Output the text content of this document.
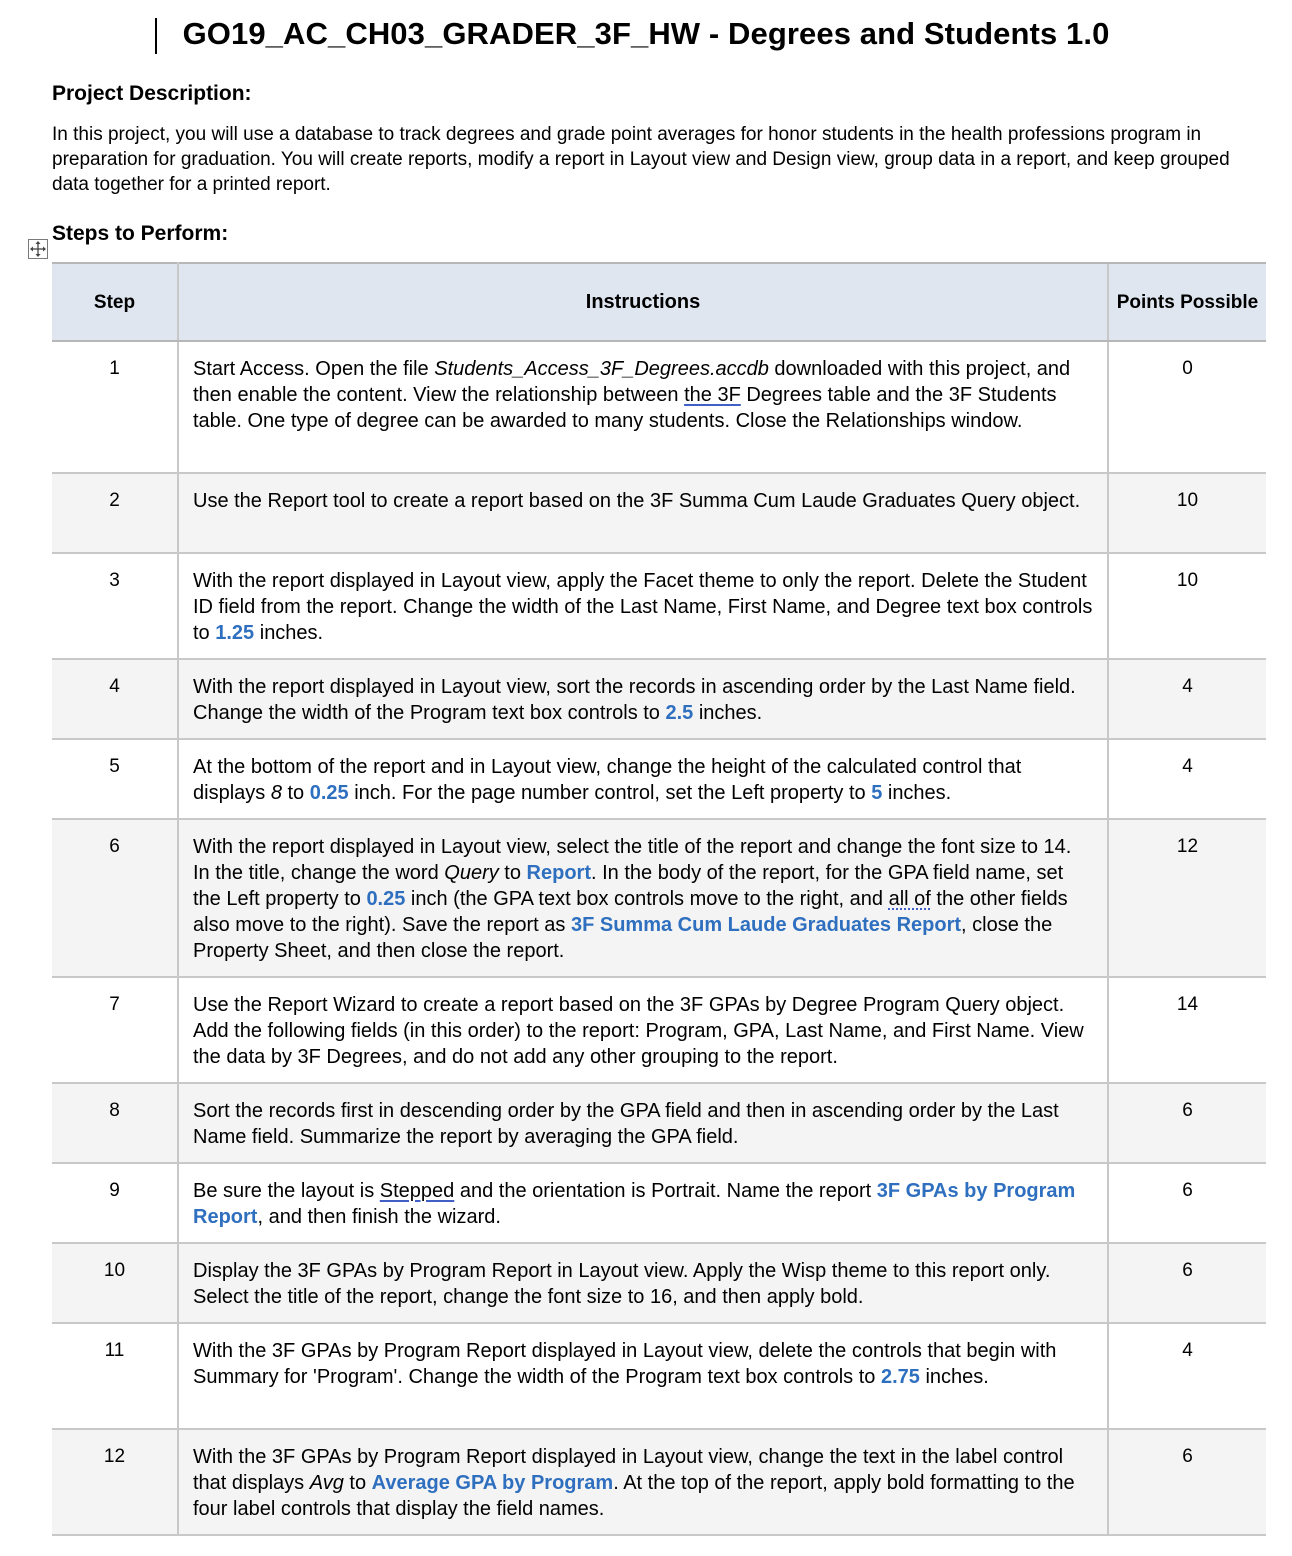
GO19_AC_CH03_GRADER_3F_HW - Degrees and Students 1.0
Project Description:
In this project, you will use a database to track degrees and grade point averages for honor students in the health professions program in preparation for graduation. You will create reports, modify a report in Layout view and Design view, group data in a report, and keep grouped data together for a printed report.
Steps to Perform:
Step	Instructions	Points Possible
1	Start Access. Open the file Students_Access_3F_Degrees.accdb downloaded with this project, and then enable the content. View the relationship between the 3F Degrees table and the 3F Students table. One type of degree can be awarded to many students. Close the Relationships window.	0
2	Use the Report tool to create a report based on the 3F Summa Cum Laude Graduates Query object.	10
3	With the report displayed in Layout view, apply the Facet theme to only the report. Delete the Student ID field from the report. Change the width of the Last Name, First Name, and Degree text box controls to 1.25 inches.	10
4	With the report displayed in Layout view, sort the records in ascending order by the Last Name field. Change the width of the Program text box controls to 2.5 inches.	4
5	At the bottom of the report and in Layout view, change the height of the calculated control that displays 8 to 0.25 inch. For the page number control, set the Left property to 5 inches.	4
6	With the report displayed in Layout view, select the title of the report and change the font size to 14. In the title, change the word Query to Report. In the body of the report, for the GPA field name, set the Left property to 0.25 inch (the GPA text box controls move to the right, and all of the other fields also move to the right). Save the report as 3F Summa Cum Laude Graduates Report, close the Property Sheet, and then close the report.	12
7	Use the Report Wizard to create a report based on the 3F GPAs by Degree Program Query object. Add the following fields (in this order) to the report: Program, GPA, Last Name, and First Name. View the data by 3F Degrees, and do not add any other grouping to the report.	14
8	Sort the records first in descending order by the GPA field and then in ascending order by the Last Name field. Summarize the report by averaging the GPA field.	6
9	Be sure the layout is Stepped and the orientation is Portrait. Name the report 3F GPAs by Program Report, and then finish the wizard.	6
10	Display the 3F GPAs by Program Report in Layout view. Apply the Wisp theme to this report only. Select the title of the report, change the font size to 16, and then apply bold.	6
11	With the 3F GPAs by Program Report displayed in Layout view, delete the controls that begin with Summary for 'Program'. Change the width of the Program text box controls to 2.75 inches.	4
12	With the 3F GPAs by Program Report displayed in Layout view, change the text in the label control that displays Avg to Average GPA by Program. At the top of the report, apply bold formatting to the four label controls that display the field names.	6
